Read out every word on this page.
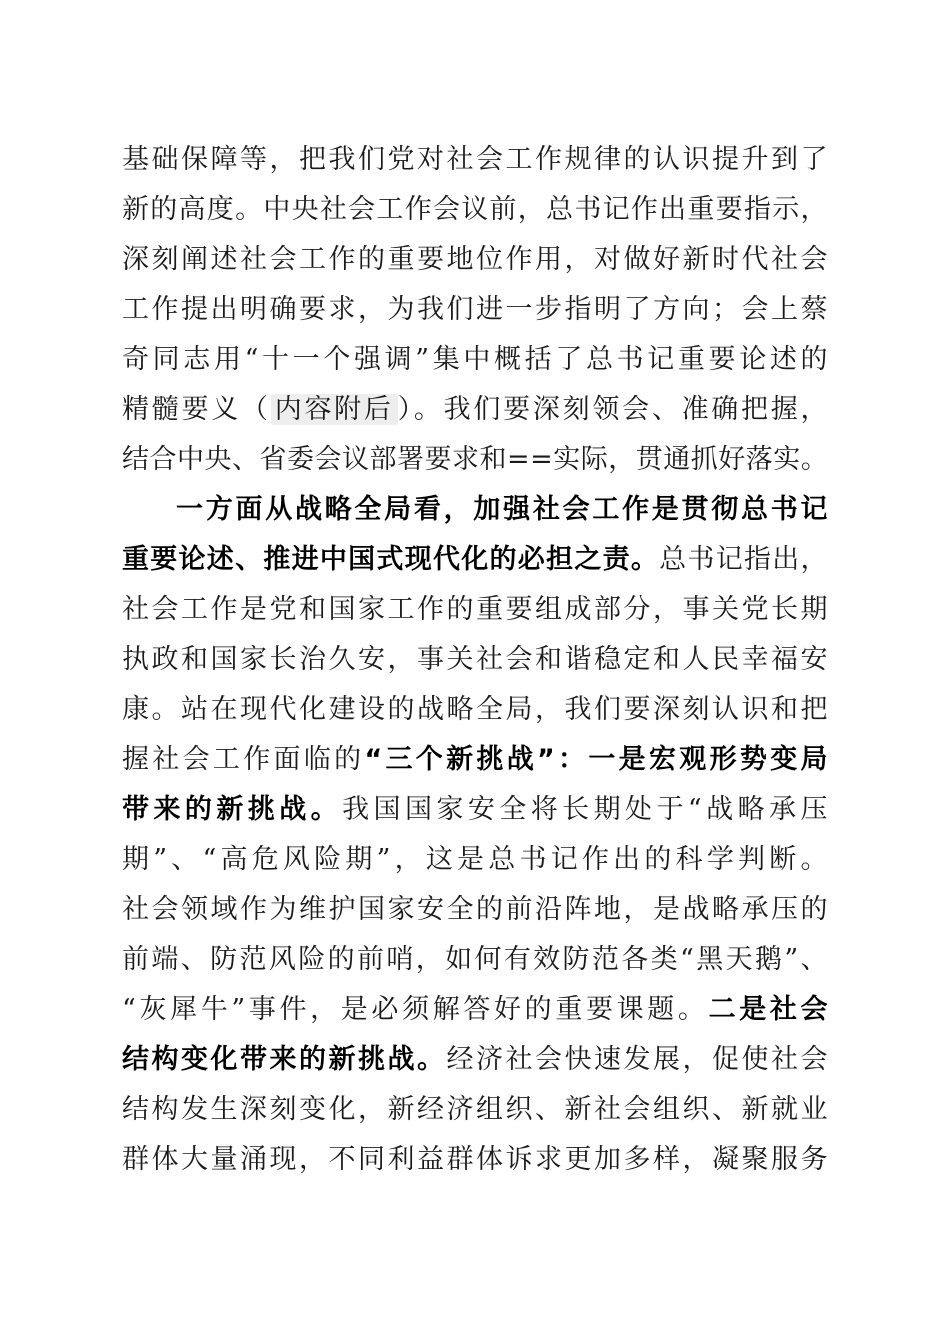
基础保障等，把我们党对社会工作规律的认识提升到了
新的高度。中央社会工作会议前，总书记作出重要指示，
深刻阐述社会工作的重要地位作用，对做好新时代社会
工作提出明确要求，为我们进一步指明了方向；会上蔡
奇同志用“十一个强调”集中概括了总书记重要论述的
精髓要义（ 内容附后 ）。我们要深刻领会、准确把握，
结合中央、省委会议部署要求和==实际，贯通抓好落实。
一方面从战略全局看，加强社会工作是贯彻总书记
重要论述、推进中国式现代化的必担之责。总书记指出，
社会工作是党和国家工作的重要组成部分，事关党长期
执政和国家长治久安，事关社会和谐稳定和人民幸福安
康。站在现代化建设的战略全局，我们要深刻认识和把
握社会工作面临的“三个新挑战”：一是宏观形势变局
带来的新挑战。我国国家安全将长期处于“战略承压
期”、“高危风险期”，这是总书记作出的科学判断。
社会领域作为维护国家安全的前沿阵地，是战略承压的
前端、防范风险的前哨，如何有效防范各类“黑天鹅”、
“灰犀牛”事件，是必须解答好的重要课题。二是社会
结构变化带来的新挑战。经济社会快速发展，促使社会
结构发生深刻变化，新经济组织、新社会组织、新就业
群体大量涌现，不同利益群体诉求更加多样，凝聚服务
